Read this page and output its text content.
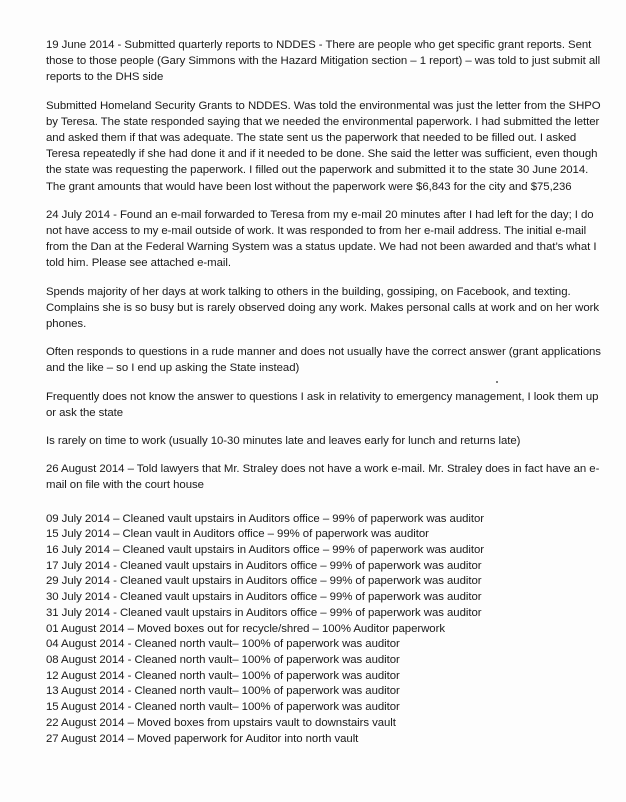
19 June 2014 - Submitted quarterly reports to NDDES - There are people who get specific grant reports. Sent those to those people (Gary Simmons with the Hazard Mitigation section – 1 report) – was told to just submit all reports to the DHS side

Submitted Homeland Security Grants to NDDES. Was told the environmental was just the letter from the SHPO by Teresa. The state responded saying that we needed the environmental paperwork. I had submitted the letter and asked them if that was adequate. The state sent us the paperwork that needed to be filled out. I asked Teresa repeatedly if she had done it and if it needed to be done. She said the letter was sufficient, even though the state was requesting the paperwork. I filled out the paperwork and submitted it to the state 30 June 2014. The grant amounts that would have been lost without the paperwork were $6,843 for the city and $75,236

24 July 2014 - Found an e-mail forwarded to Teresa from my e-mail 20 minutes after I had left for the day; I do not have access to my e-mail outside of work. It was responded to from her e-mail address. The initial e-mail from the Dan at the Federal Warning System was a status update. We had not been awarded and that’s what I told him. Please see attached e-mail.

Spends majority of her days at work talking to others in the building, gossiping, on Facebook, and texting. Complains she is so busy but is rarely observed doing any work. Makes personal calls at work and on her work phones.

Often responds to questions in a rude manner and does not usually have the correct answer (grant applications and the like – so I end up asking the State instead)

Frequently does not know the answer to questions I ask in relativity to emergency management, I look them up or ask the state

Is rarely on time to work (usually 10-30 minutes late and leaves early for lunch and returns late)

26 August 2014 – Told lawyers that Mr. Straley does not have a work e-mail. Mr. Straley does in fact have an e-mail on file with the court house

09 July 2014 – Cleaned vault upstairs in Auditors office – 99% of paperwork was auditor

15 July 2014 – Clean vault in Auditors office – 99% of paperwork was auditor

16 July 2014 – Cleaned vault upstairs in Auditors office – 99% of paperwork was auditor

17 July 2014 - Cleaned vault upstairs in Auditors office – 99% of paperwork was auditor

29 July 2014 - Cleaned vault upstairs in Auditors office – 99% of paperwork was auditor

30 July 2014 - Cleaned vault upstairs in Auditors office – 99% of paperwork was auditor

31 July 2014 - Cleaned vault upstairs in Auditors office – 99% of paperwork was auditor

01 August 2014 – Moved boxes out for recycle/shred – 100% Auditor paperwork

04 August 2014 - Cleaned north vault– 100% of paperwork was auditor

08 August 2014 - Cleaned north vault– 100% of paperwork was auditor

12 August 2014 - Cleaned north vault– 100% of paperwork was auditor

13 August 2014 - Cleaned north vault– 100% of paperwork was auditor

15 August 2014 - Cleaned north vault– 100% of paperwork was auditor

22 August 2014 – Moved boxes from upstairs vault to downstairs vault

27 August 2014 – Moved paperwork for Auditor into north vault
